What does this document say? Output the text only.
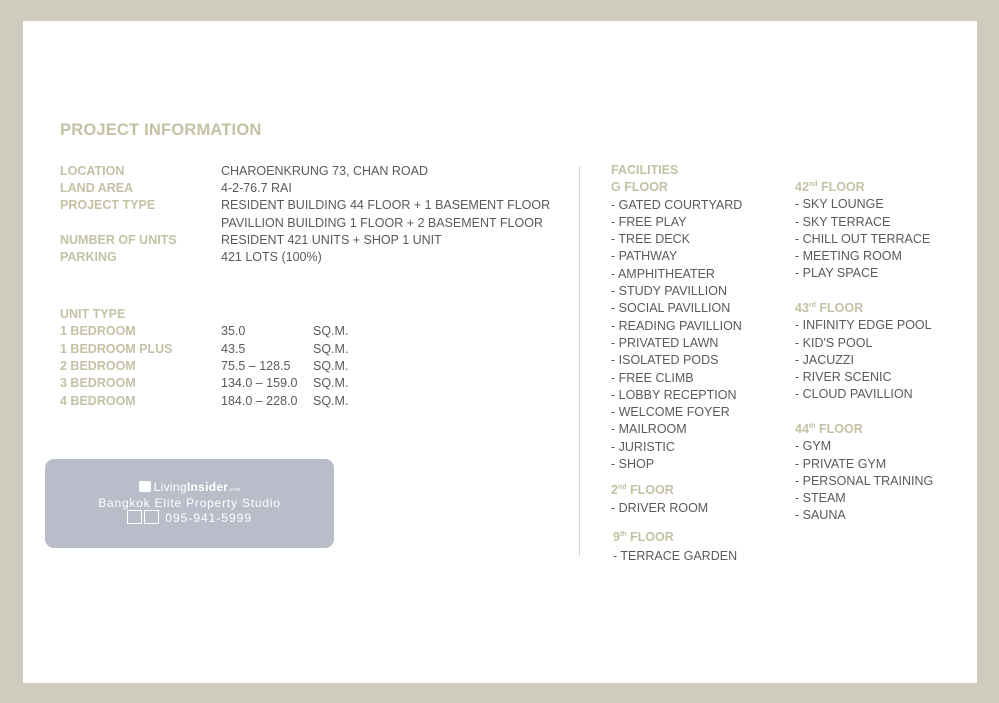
PROJECT INFORMATION
LOCATION	CHAROENKRUNG 73, CHAN ROAD
LAND AREA	4-2-76.7 RAI
PROJECT TYPE	RESIDENT BUILDING 44 FLOOR + 1 BASEMENT FLOOR
PAVILLION BUILDING 1 FLOOR + 2 BASEMENT FLOOR
NUMBER OF UNITS	RESIDENT 421 UNITS + SHOP 1 UNIT
PARKING	421 LOTS (100%)
UNIT TYPE
1 BEDROOM	35.0	SQ.M.
1 BEDROOM PLUS	43.5	SQ.M.
2 BEDROOM	75.5 – 128.5 SQ.M.
3 BEDROOM	134.0 – 159.0 SQ.M.
4 BEDROOM	184.0 – 228.0 SQ.M.
LivingInsider.com
Bangkok Elite Property Studio
095-941-5999
FACILITIES
G FLOOR
- GATED COURTYARD
- FREE PLAY
- TREE DECK
- PATHWAY
- AMPHITHEATER
- STUDY PAVILLION
- SOCIAL PAVILLION
- READING PAVILLION
- PRIVATED LAWN
- ISOLATED PODS
- FREE CLIMB
- LOBBY RECEPTION
- WELCOME FOYER
- MAILROOM
- JURISTIC
- SHOP
2nd FLOOR
- DRIVER ROOM
9th FLOOR
- TERRACE GARDEN
42nd FLOOR
- SKY LOUNGE
- SKY TERRACE
- CHILL OUT TERRACE
- MEETING ROOM
- PLAY SPACE
43rd FLOOR
- INFINITY EDGE POOL
- KID'S POOL
- JACUZZI
- RIVER SCENIC
- CLOUD PAVILLION
44th FLOOR
- GYM
- PRIVATE GYM
- PERSONAL TRAINING
- STEAM
- SAUNA
